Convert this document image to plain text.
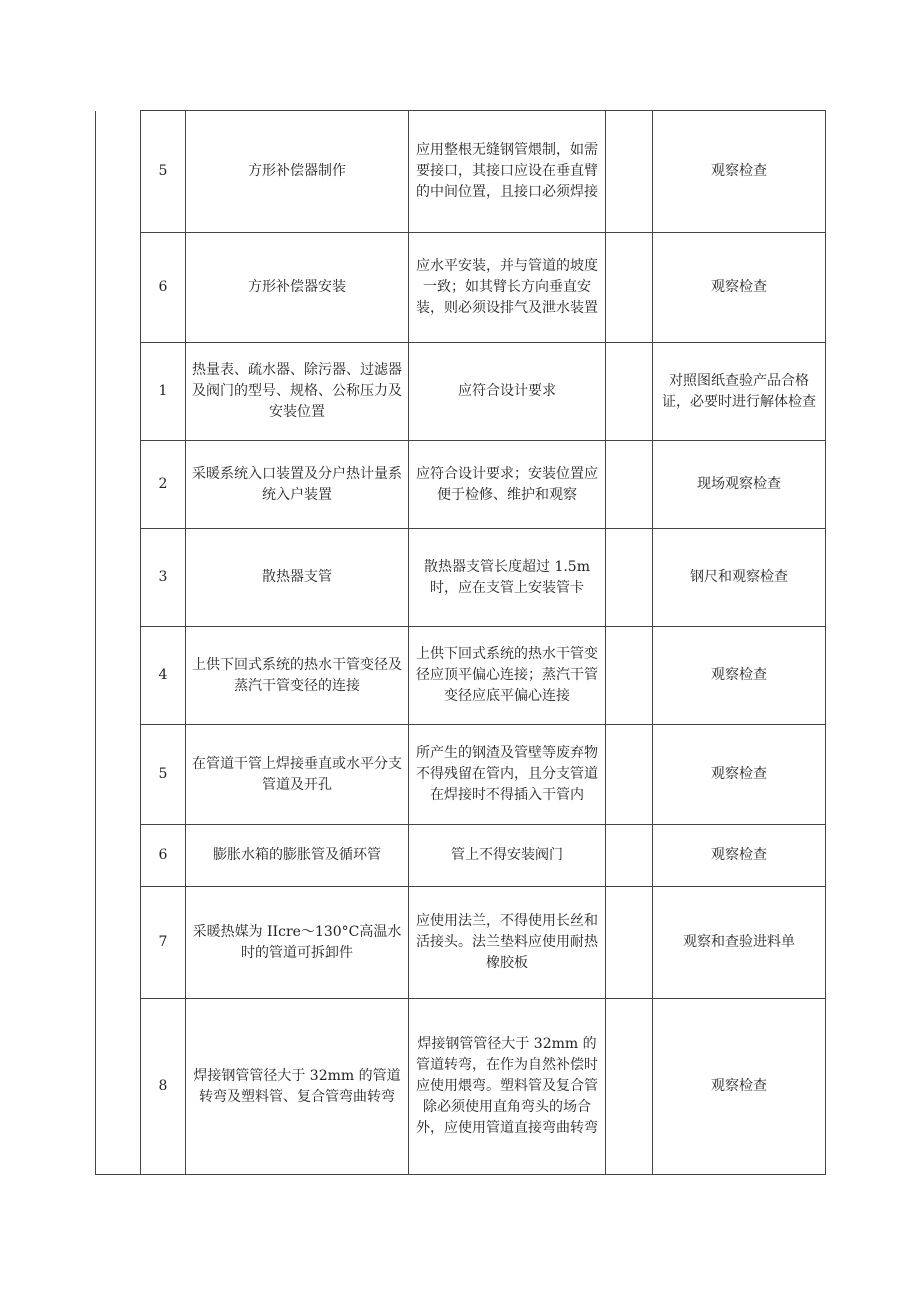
	5	方形补偿器制作	应用整根无缝钢管煨制，如需要接口，其接口应设在垂直臂的中间位置，且接口必须焊接		观察检查
	6	方形补偿器安装	应水平安装，并与管道的坡度一致；如其臂长方向垂直安装，则必须设排气及泄水装置		观察检查
	1	热量表、疏水器、除污器、过滤器及阀门的型号、规格、公称压力及安装位置	应符合设计要求		对照图纸查验产品合格证，必要时进行解体检查
	2	采暖系统入口装置及分户热计量系统入户装置	应符合设计要求；安装位置应便于检修、维护和观察		现场观察检查
	3	散热器支管	散热器支管长度超过 1.5m 时，应在支管上安装管卡		钢尺和观察检查
	4	上供下回式系统的热水干管变径及蒸汽干管变径的连接	上供下回式系统的热水干管变径应顶平偏心连接；蒸汽干管变径应底平偏心连接		观察检查
	5	在管道干管上焊接垂直或水平分支管道及开孔	所产生的钢渣及管壁等废弃物不得残留在管内，且分支管道在焊接时不得插入干管内		观察检查
	6	膨胀水箱的膨胀管及循环管	管上不得安装阀门		观察检查
	7	采暖热媒为 IIcre～130°C高温水时的管道可拆卸件	应使用法兰，不得使用长丝和活接头。法兰垫料应使用耐热橡胶板		观察和查验进料单
	8	焊接钢管管径大于 32mm 的管道转弯及塑料管、复合管弯曲转弯	焊接钢管管径大于 32mm 的管道转弯，在作为自然补偿时应使用煨弯。塑料管及复合管除必须使用直角弯头的场合外，应使用管道直接弯曲转弯		观察检查
